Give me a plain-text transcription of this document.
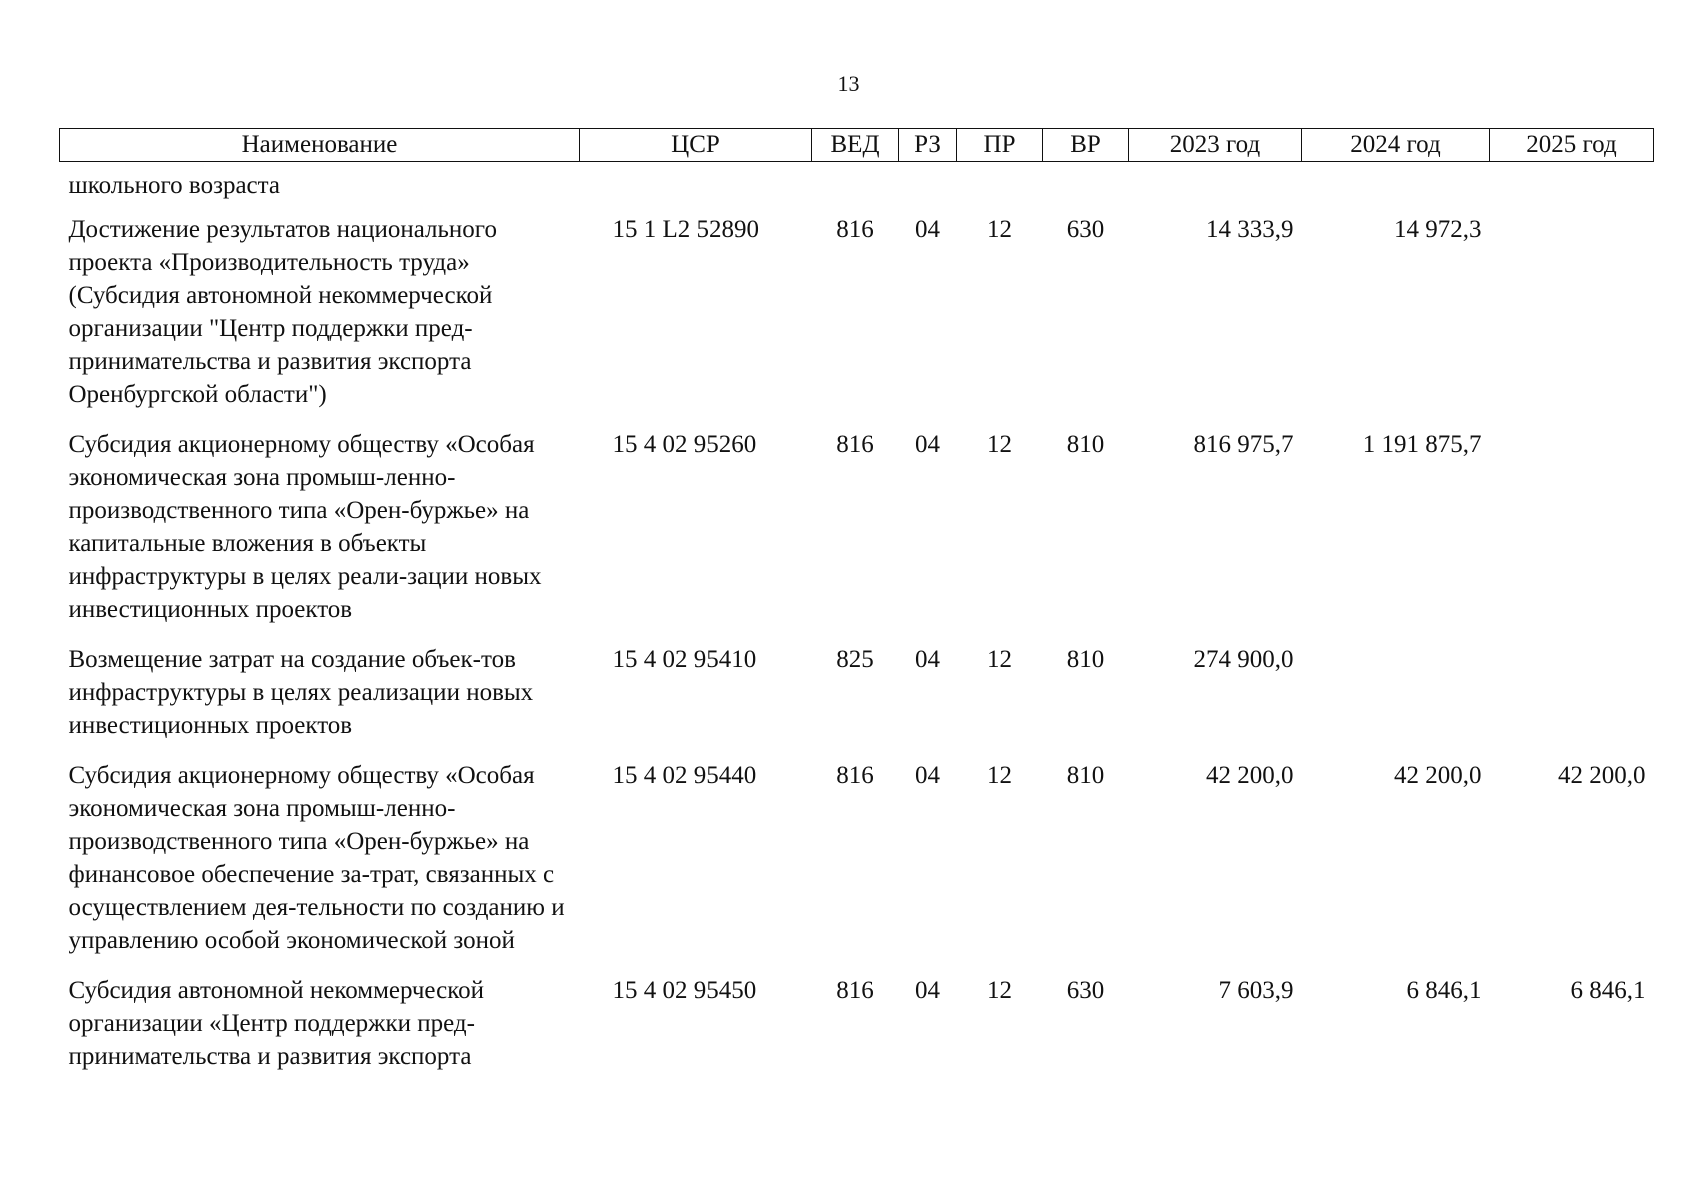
13
Наименование	ЦСР	ВЕД	РЗ	ПР	ВР	2023 год	2024 год	2025 год
школьного возраста								
Достижение результатов национального проекта «Производительность труда» (Субсидия автономной некоммерческой организации "Центр поддержки пред-принимательства и развития экспорта Оренбургской области")	15 1 L2 52890	816	04	12	630	14 333,9	14 972,3	
Субсидия акционерному обществу «Особая экономическая зона промыш-ленно-производственного типа «Орен-буржье» на капитальные вложения в объекты инфраструктуры в целях реали-зации новых инвестиционных проектов	15 4 02 95260	816	04	12	810	816 975,7	1 191 875,7	
Возмещение затрат на создание объек-тов инфраструктуры в целях реализации новых инвестиционных проектов	15 4 02 95410	825	04	12	810	274 900,0		
Субсидия акционерному обществу «Особая экономическая зона промыш-ленно-производственного типа «Орен-буржье» на финансовое обеспечение за-трат, связанных с осуществлением дея-тельности по созданию и управлению особой экономической зоной	15 4 02 95440	816	04	12	810	42 200,0	42 200,0	42 200,0
Субсидия автономной некоммерческой организации «Центр поддержки пред-принимательства и развития экспорта	15 4 02 95450	816	04	12	630	7 603,9	6 846,1	6 846,1
